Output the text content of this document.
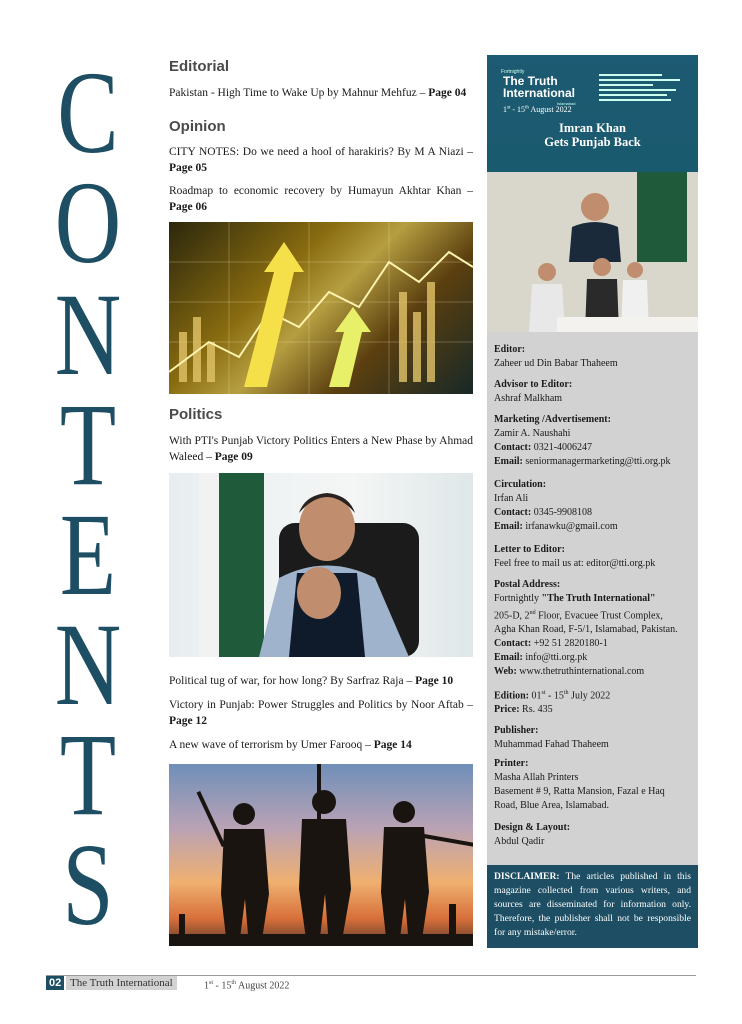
C
O
N
T
E
N
T
S
Editorial
Pakistan - High Time to Wake Up by Mahnur Mehfuz – Page 04
Opinion
CITY NOTES: Do we need a hool of harakiris? By M A Niazi – Page 05
Roadmap to economic recovery by Humayun Akhtar Khan – Page 06
Politics
With PTI's Punjab Victory Politics Enters a New Phase by Ahmad Waleed – Page 09
Political tug of war, for how long? By Sarfraz Raja – Page 10
Victory in Punjab: Power Struggles and Politics by Noor Aftab – Page 12
A new wave of terrorism by Umer Farooq – Page 14
Fortnightly
The Truth
International
Islamabad
1st - 15th August 2022
Imran Khan
Gets Punjab Back
Editor:
Zaheer ud Din Babar Thaheem
Advisor to Editor:
Ashraf Malkham
Marketing /Advertisement:
Zamir A. Naushahi
Contact: 0321-4006247
Email: seniormanagermarketing@tti.org.pk
Circulation:
Irfan Ali
Contact: 0345-9908108
Email: irfanawku@gmail.com
Letter to Editor:
Feel free to mail us at: editor@tti.org.pk
Postal Address:
Fortnightly "The Truth International"
205-D, 2nd Floor, Evacuee Trust Complex,
Agha Khan Road, F-5/1, Islamabad, Pakistan.
Contact: +92 51 2820180-1
Email: info@tti.org.pk
Web: www.thetruthinternational.com
Edition: 01st - 15th July 2022
Price: Rs. 435
Publisher:
Muhammad Fahad Thaheem
Printer:
Masha Allah Printers
Basement # 9, Ratta Mansion, Fazal e Haq
Road, Blue Area, Islamabad.
Design & Layout:
Abdul Qadir
DISCLAIMER: The articles published in this magazine collected from various writers, and sources are disseminated for information only. Therefore, the publisher shall not be responsible for any mistake/error.
02 The Truth International	1st - 15th August 2022
